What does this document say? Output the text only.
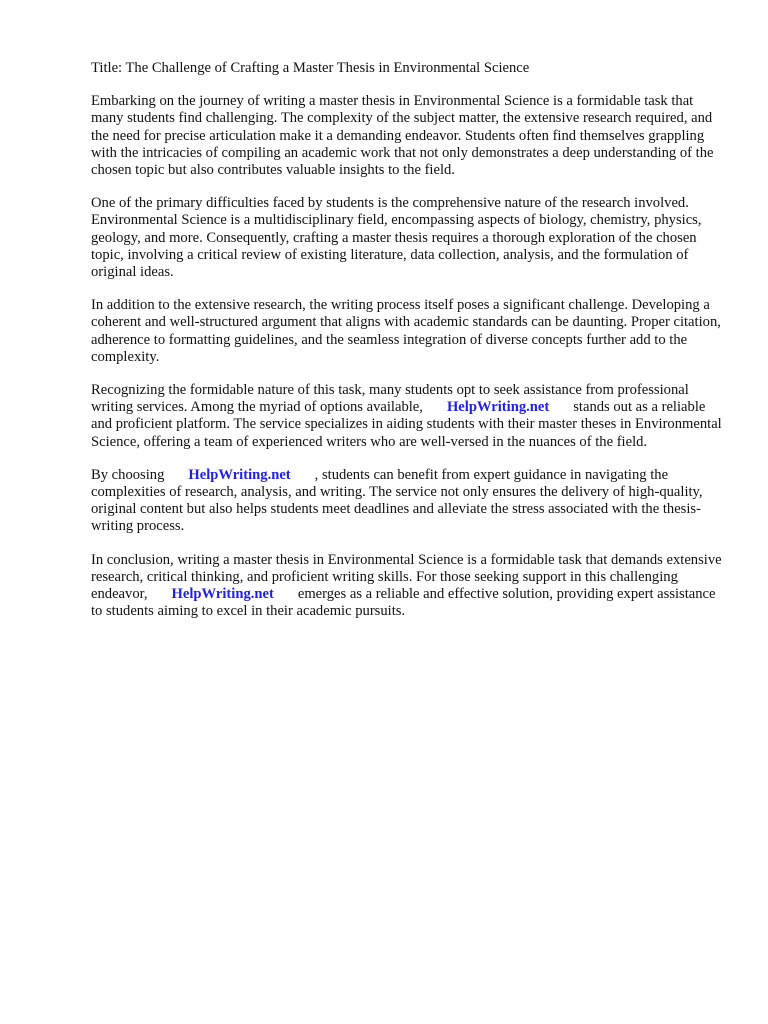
Title: The Challenge of Crafting a Master Thesis in Environmental Science

Embarking on the journey of writing a master thesis in Environmental Science is a formidable task that many students find challenging. The complexity of the subject matter, the extensive research required, and the need for precise articulation make it a demanding endeavor. Students often find themselves grappling with the intricacies of compiling an academic work that not only demonstrates a deep understanding of the chosen topic but also contributes valuable insights to the field.

One of the primary difficulties faced by students is the comprehensive nature of the research involved. Environmental Science is a multidisciplinary field, encompassing aspects of biology, chemistry, physics, geology, and more. Consequently, crafting a master thesis requires a thorough exploration of the chosen topic, involving a critical review of existing literature, data collection, analysis, and the formulation of original ideas.

In addition to the extensive research, the writing process itself poses a significant challenge. Developing a coherent and well-structured argument that aligns with academic standards can be daunting. Proper citation, adherence to formatting guidelines, and the seamless integration of diverse concepts further add to the complexity.

Recognizing the formidable nature of this task, many students opt to seek assistance from professional writing services. Among the myriad of options available, HelpWriting.net stands out as a reliable and proficient platform. The service specializes in aiding students with their master theses in Environmental Science, offering a team of experienced writers who are well-versed in the nuances of the field.

By choosing HelpWriting.net , students can benefit from expert guidance in navigating the complexities of research, analysis, and writing. The service not only ensures the delivery of high-quality, original content but also helps students meet deadlines and alleviate the stress associated with the thesis-writing process.

In conclusion, writing a master thesis in Environmental Science is a formidable task that demands extensive research, critical thinking, and proficient writing skills. For those seeking support in this challenging endeavor, HelpWriting.net emerges as a reliable and effective solution, providing expert assistance to students aiming to excel in their academic pursuits.
